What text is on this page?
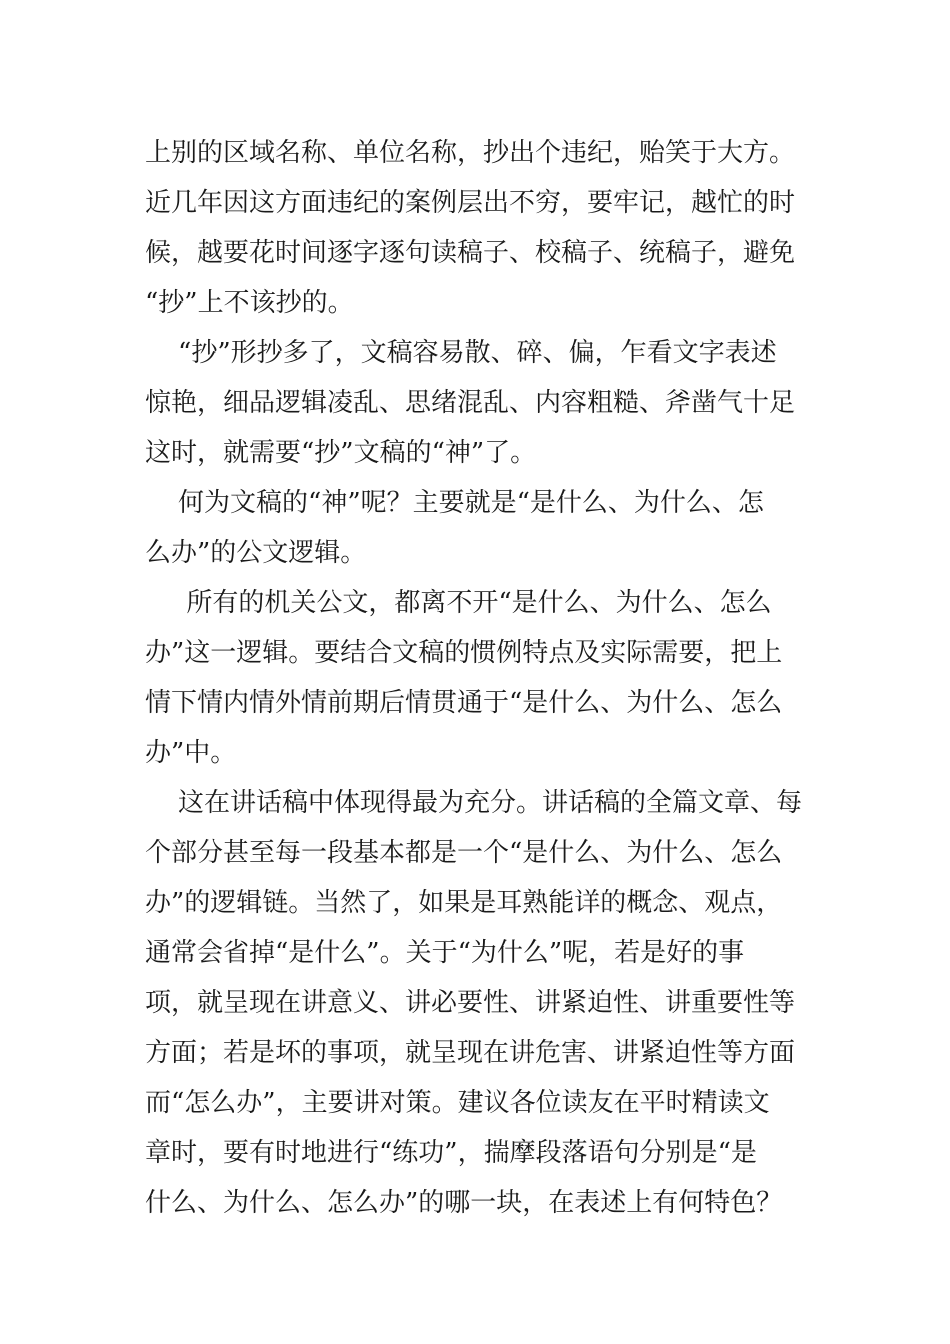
上别的区域名称、单位名称，抄出个违纪，贻笑于大方。
近几年因这方面违纪的案例层出不穷，要牢记，越忙的时
候，越要花时间逐字逐句读稿子、校稿子、统稿子，避免
“抄”上不该抄的。
“抄”形抄多了，文稿容易散、碎、偏，乍看文字表述
惊艳，细品逻辑凌乱、思绪混乱、内容粗糙、斧凿气十足
这时，就需要“抄”文稿的“神”了。
何为文稿的“神”呢？主要就是“是什么、为什么、怎
么办”的公文逻辑。
所有的机关公文，都离不开“是什么、为什么、怎么
办”这一逻辑。要结合文稿的惯例特点及实际需要，把上
情下情内情外情前期后情贯通于“是什么、为什么、怎么
办”中。
这在讲话稿中体现得最为充分。讲话稿的全篇文章、每
个部分甚至每一段基本都是一个“是什么、为什么、怎么
办”的逻辑链。当然了，如果是耳熟能详的概念、观点，
通常会省掉“是什么”。关于“为什么”呢，若是好的事
项，就呈现在讲意义、讲必要性、讲紧迫性、讲重要性等
方面；若是坏的事项，就呈现在讲危害、讲紧迫性等方面
而“怎么办”，主要讲对策。建议各位读友在平时精读文
章时，要有时地进行“练功”，揣摩段落语句分别是“是
什么、为什么、怎么办”的哪一块，在表述上有何特色？
